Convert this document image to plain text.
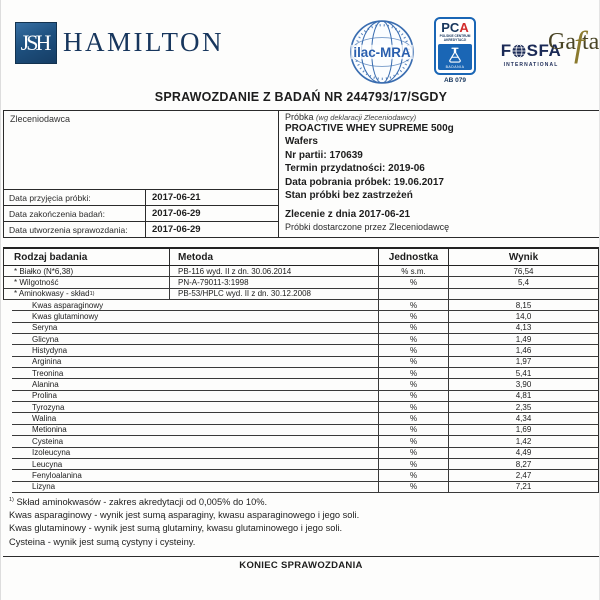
JSH HAMILTON	ilac-MRA
PCA
POLSKIE CENTRUM AKREDYTACJI
BADANIA
AB 079
F SFA
INTERNATIONAL
Ga
f
ta
SPRAWOZDANIE Z BADAŃ NR 244793/17/SGDY
Zleceniodawca
Data przyjęcia próbki:	2017-06-21
Data zakończenia badań:	2017-06-29
Data utworzenia sprawozdania:	2017-06-29
Próbka (wg deklaracji Zleceniodawcy)
PROACTIVE WHEY SUPREME 500g
Wafers
Nr partii: 170639
Termin przydatności: 2019-06
Data pobrania próbek: 19.06.2017
Stan próbki bez zastrzeżeń
Zlecenie z dnia 2017-06-21
Próbki dostarczone przez Zleceniodawcę
Rodzaj badania	Metoda	Jednostka	Wynik
* Białko (N*6,38)	PB-116 wyd. II z dn. 30.06.2014	% s.m.	76,54
* Wilgotność	PN-A-79011-3:1998	%	5,4
* Aminokwasy - skład 1)	PB-53/HPLC wyd. II z dn. 30.12.2008
Kwas asparaginowy	%	8,15
Kwas glutaminowy	%	14,0
Seryna	%	4,13
Glicyna	%	1,49
Histydyna	%	1,46
Arginina	%	1,97
Treonina	%	5,41
Alanina	%	3,90
Prolina	%	4,81
Tyrozyna	%	2,35
Walina	%	4,34
Metionina	%	1,69
Cysteina	%	1,42
Izoleucyna	%	4,49
Leucyna	%	8,27
Fenyloalanina	%	2,47
Lizyna	%	7,21
$^{1)}$ Skład aminokwasów - zakres akredytacji od 0,005% do 10%.
Kwas asparaginowy - wynik jest sumą asparaginy, kwasu asparaginowego i jego soli.
Kwas glutaminowy - wynik jest sumą glutaminy, kwasu glutaminowego i jego soli.
Cysteina - wynik jest sumą cystyny i cysteiny.
KONIEC SPRAWOZDANIA
